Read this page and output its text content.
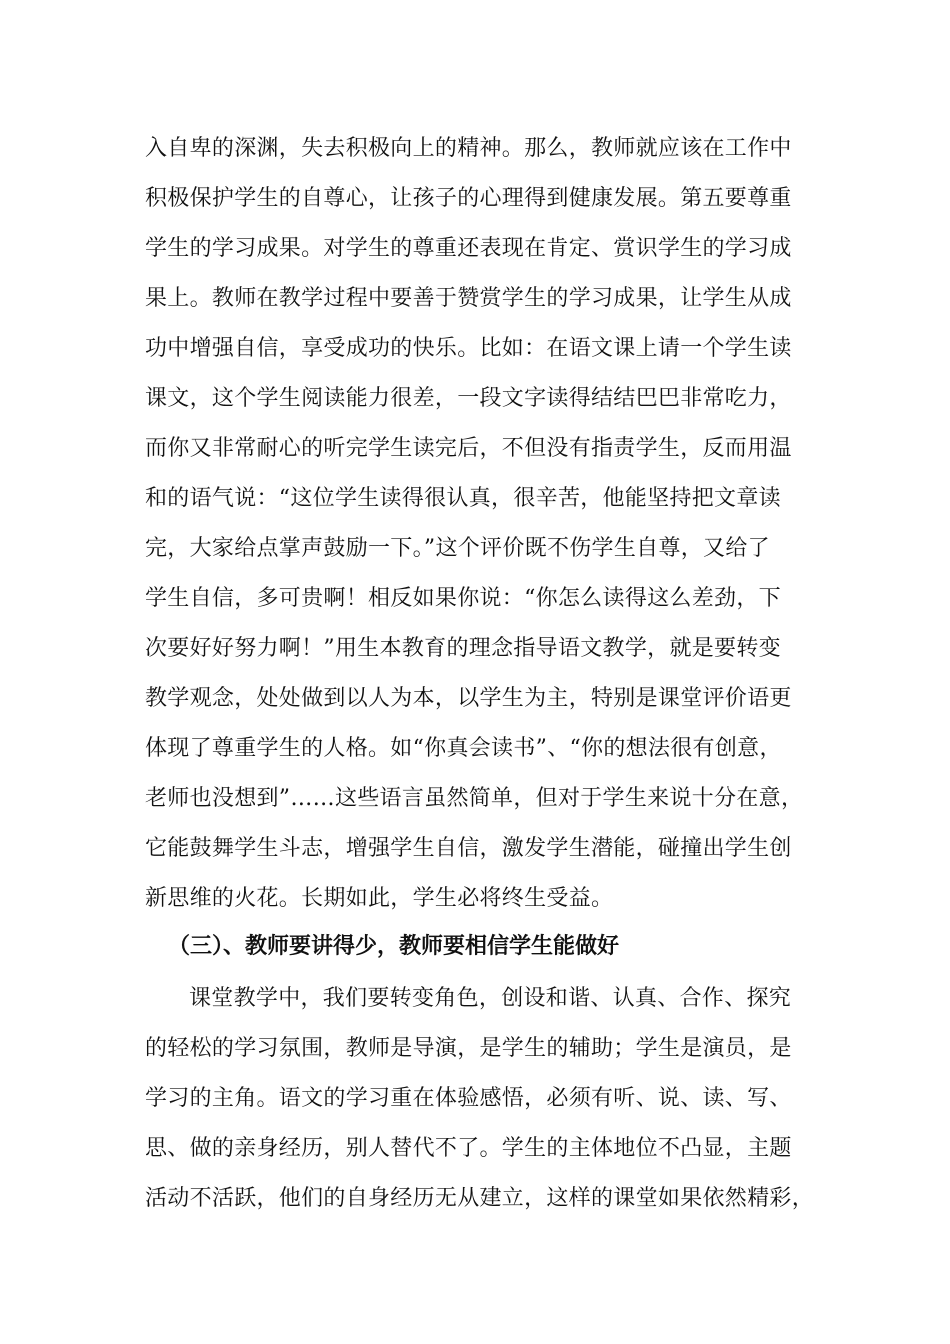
入自卑的深渊，失去积极向上的精神。那么，教师就应该在工作中
积极保护学生的自尊心，让孩子的心理得到健康发展。第五要尊重
学生的学习成果。对学生的尊重还表现在肯定、赏识学生的学习成
果上。教师在教学过程中要善于赞赏学生的学习成果，让学生从成
功中增强自信，享受成功的快乐。比如：在语文课上请一个学生读
课文，这个学生阅读能力很差，一段文字读得结结巴巴非常吃力，
而你又非常耐心的听完学生读完后，不但没有指责学生，反而用温
和的语气说：“这位学生读得很认真，很辛苦，他能坚持把文章读
完，大家给点掌声鼓励一下。”这个评价既不伤学生自尊，又给了
学生自信，多可贵啊！相反如果你说：“你怎么读得这么差劲，下
次要好好努力啊！”用生本教育的理念指导语文教学，就是要转变
教学观念，处处做到以人为本，以学生为主，特别是课堂评价语更
体现了尊重学生的人格。如“你真会读书”、“你的想法很有创意，
老师也没想到”……这些语言虽然简单，但对于学生来说十分在意，
它能鼓舞学生斗志，增强学生自信，激发学生潜能，碰撞出学生创
新思维的火花。长期如此，学生必将终生受益。
（三）、教师要讲得少，教师要相信学生能做好
课堂教学中，我们要转变角色，创设和谐、认真、合作、探究
的轻松的学习氛围，教师是导演，是学生的辅助；学生是演员，是
学习的主角。语文的学习重在体验感悟，必须有听、说、读、写、
思、做的亲身经历，别人替代不了。学生的主体地位不凸显，主题
活动不活跃，他们的自身经历无从建立，这样的课堂如果依然精彩，
